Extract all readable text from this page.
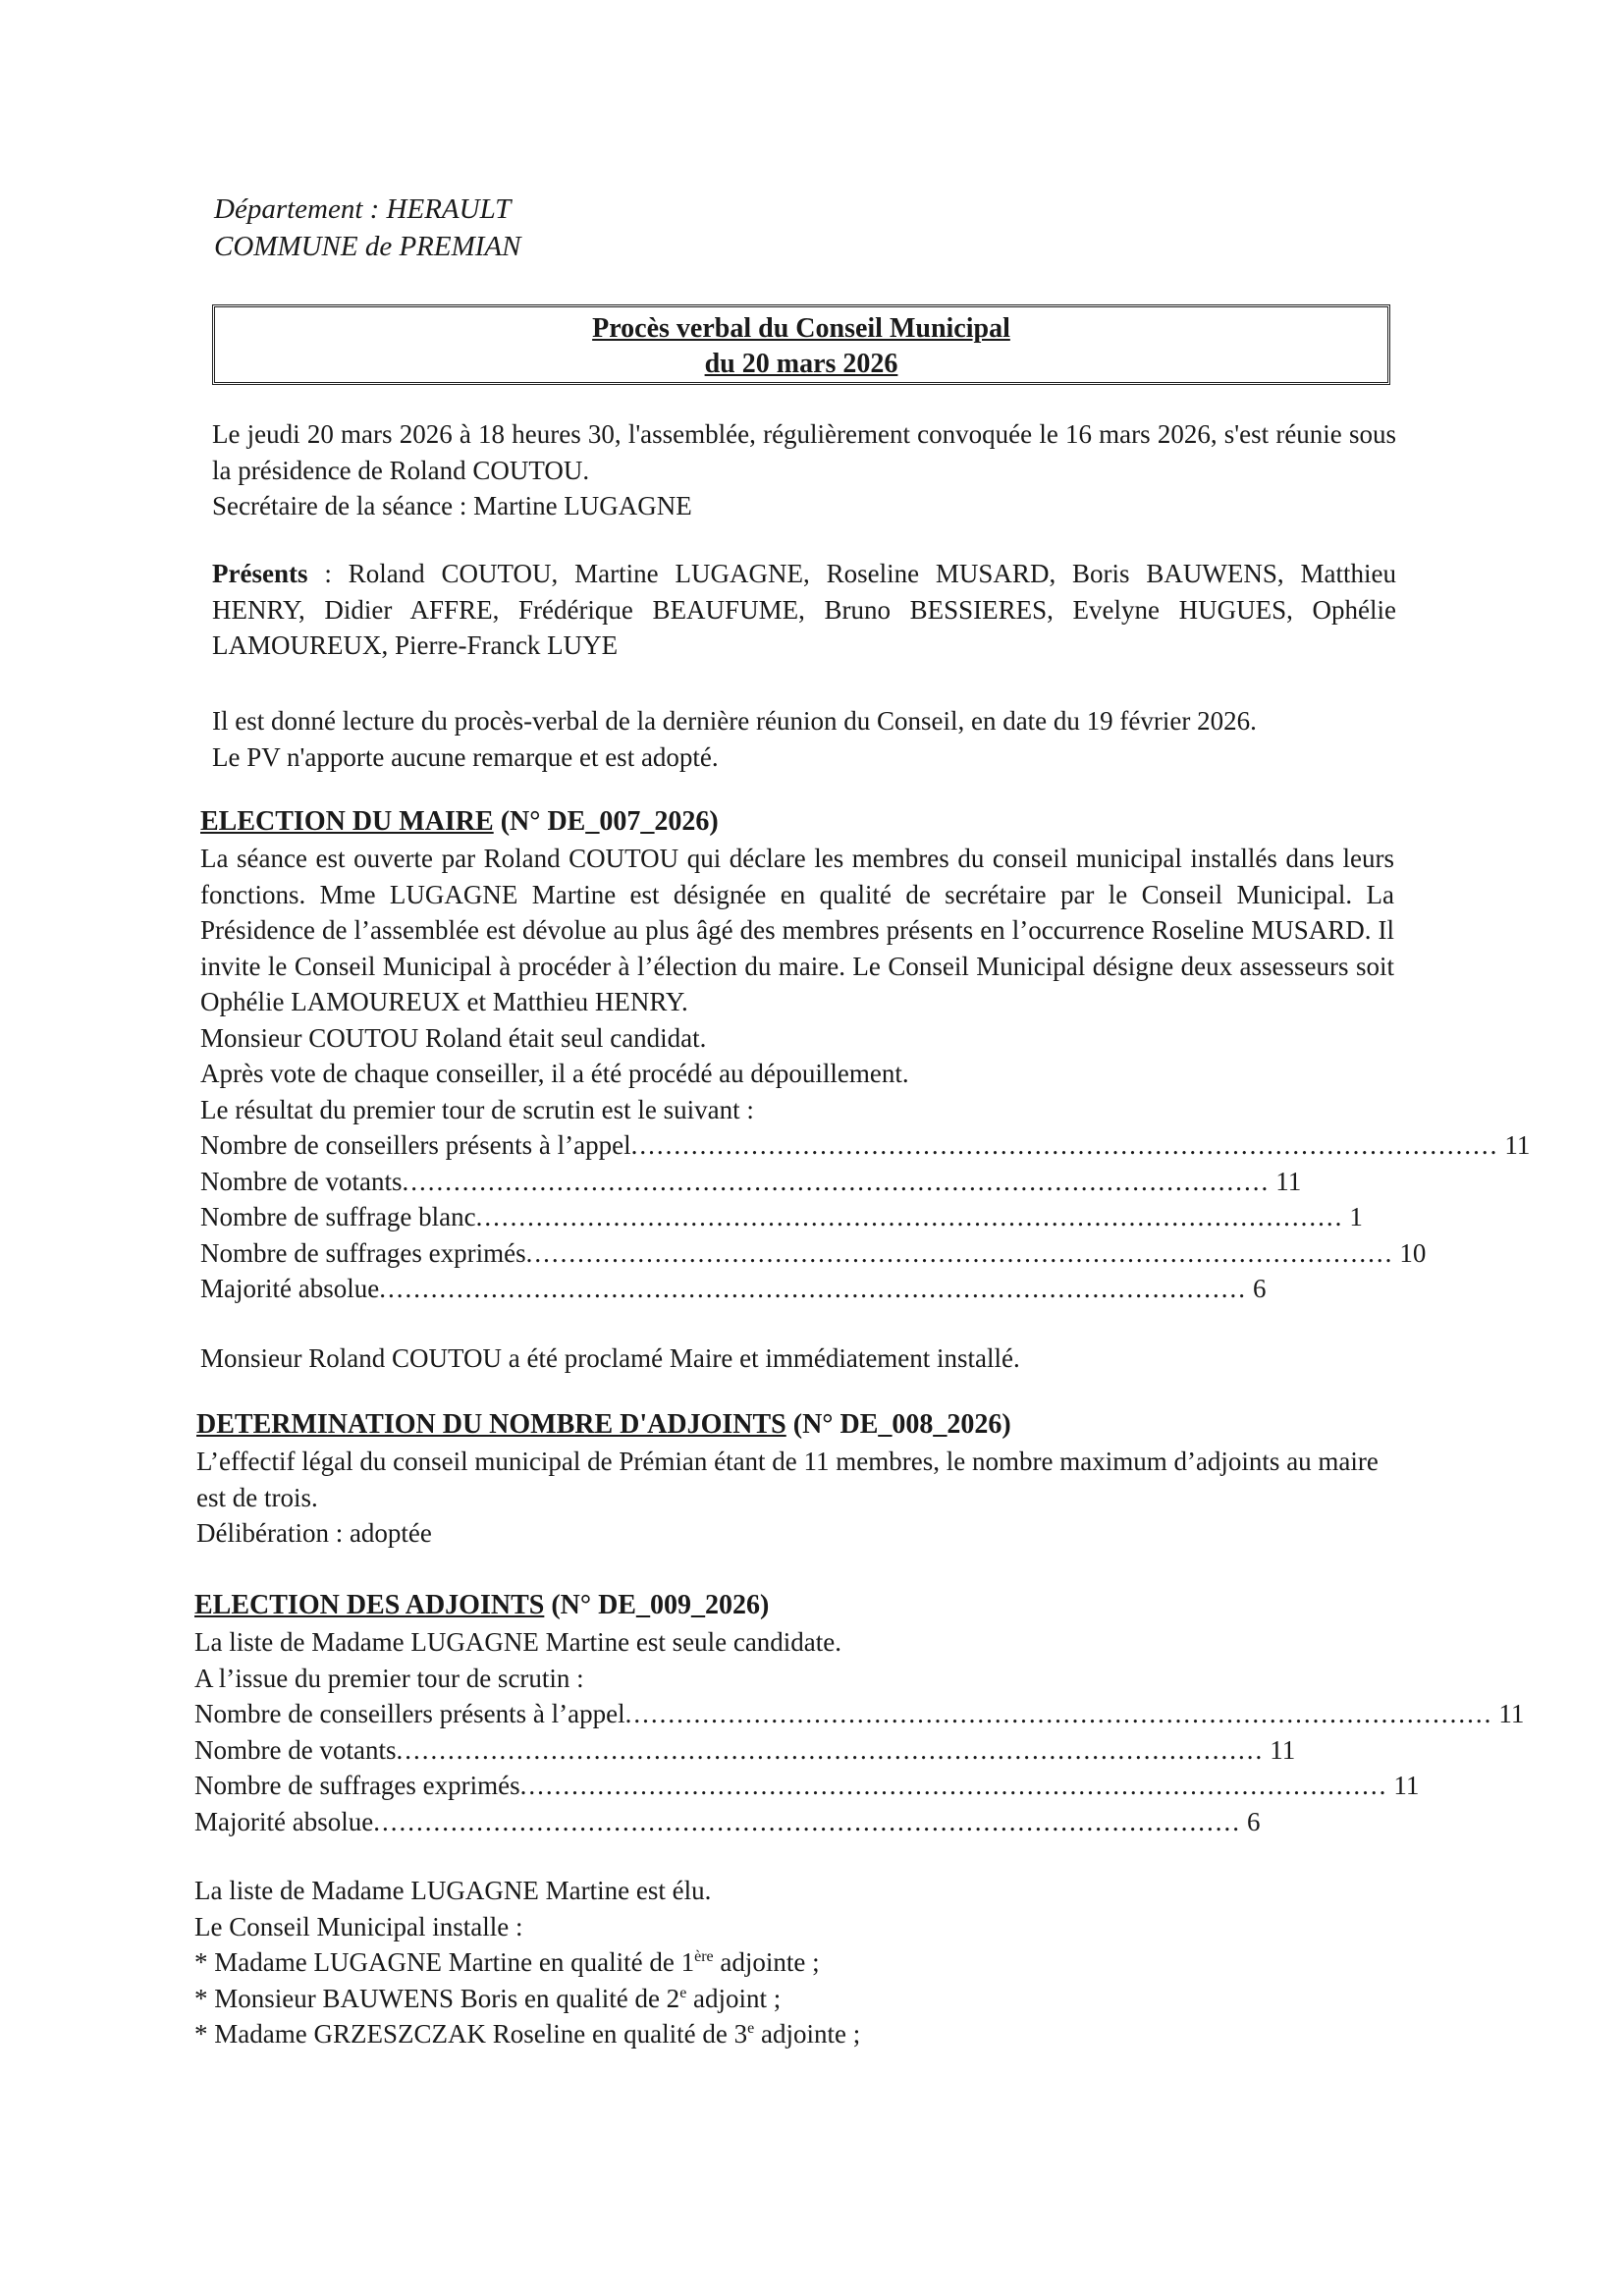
Département : HERAULT
COMMUNE de PREMIAN
Procès verbal du Conseil Municipal
du 20 mars 2026
Le jeudi 20 mars 2026 à 18 heures 30, l'assemblée, régulièrement convoquée le 16 mars 2026, s'est réunie sous la présidence de Roland COUTOU.
Secrétaire de la séance : Martine LUGAGNE
Présents : Roland COUTOU, Martine LUGAGNE, Roseline MUSARD, Boris BAUWENS, Matthieu HENRY, Didier AFFRE, Frédérique BEAUFUME, Bruno BESSIERES, Evelyne HUGUES, Ophélie LAMOUREUX, Pierre-Franck LUYE
Il est donné lecture du procès-verbal de la dernière réunion du Conseil, en date du 19 février 2026.
Le PV n'apporte aucune remarque et est adopté.
ELECTION DU MAIRE (N° DE_007_2026)
La séance est ouverte par Roland COUTOU qui déclare les membres du conseil municipal installés dans leurs fonctions. Mme LUGAGNE Martine est désignée en qualité de secrétaire par le Conseil Municipal. La Présidence de l’assemblée est dévolue au plus âgé des membres présents en l’occurrence Roseline MUSARD. Il invite le Conseil Municipal à procéder à l’élection du maire. Le Conseil Municipal désigne deux assesseurs soit Ophélie LAMOUREUX et Matthieu HENRY.
Monsieur COUTOU Roland était seul candidat.
Après vote de chaque conseiller, il a été procédé au dépouillement.
Le résultat du premier tour de scrutin est le suivant :
Nombre de conseillers présents à l’appel ..................................................................................................... 11
Nombre de votants ..................................................................................................... 11
Nombre de suffrage blanc ..................................................................................................... 1
Nombre de suffrages exprimés ..................................................................................................... 10
Majorité absolue ..................................................................................................... 6
Monsieur Roland COUTOU a été proclamé Maire et immédiatement installé.
DETERMINATION DU NOMBRE D'ADJOINTS (N° DE_008_2026)
L’effectif légal du conseil municipal de Prémian étant de 11 membres, le nombre maximum d’adjoints au maire est de trois.
Délibération : adoptée
ELECTION DES ADJOINTS (N° DE_009_2026)
La liste de Madame LUGAGNE Martine est seule candidate.
A l’issue du premier tour de scrutin :
Nombre de conseillers présents à l’appel ..................................................................................................... 11
Nombre de votants ..................................................................................................... 11
Nombre de suffrages exprimés ..................................................................................................... 11
Majorité absolue ..................................................................................................... 6
La liste de Madame LUGAGNE Martine est élu.
Le Conseil Municipal installe :
* Madame LUGAGNE Martine en qualité de 1ère adjointe ;
* Monsieur BAUWENS Boris en qualité de 2e adjoint ;
* Madame GRZESZCZAK Roseline en qualité de 3e adjointe ;
